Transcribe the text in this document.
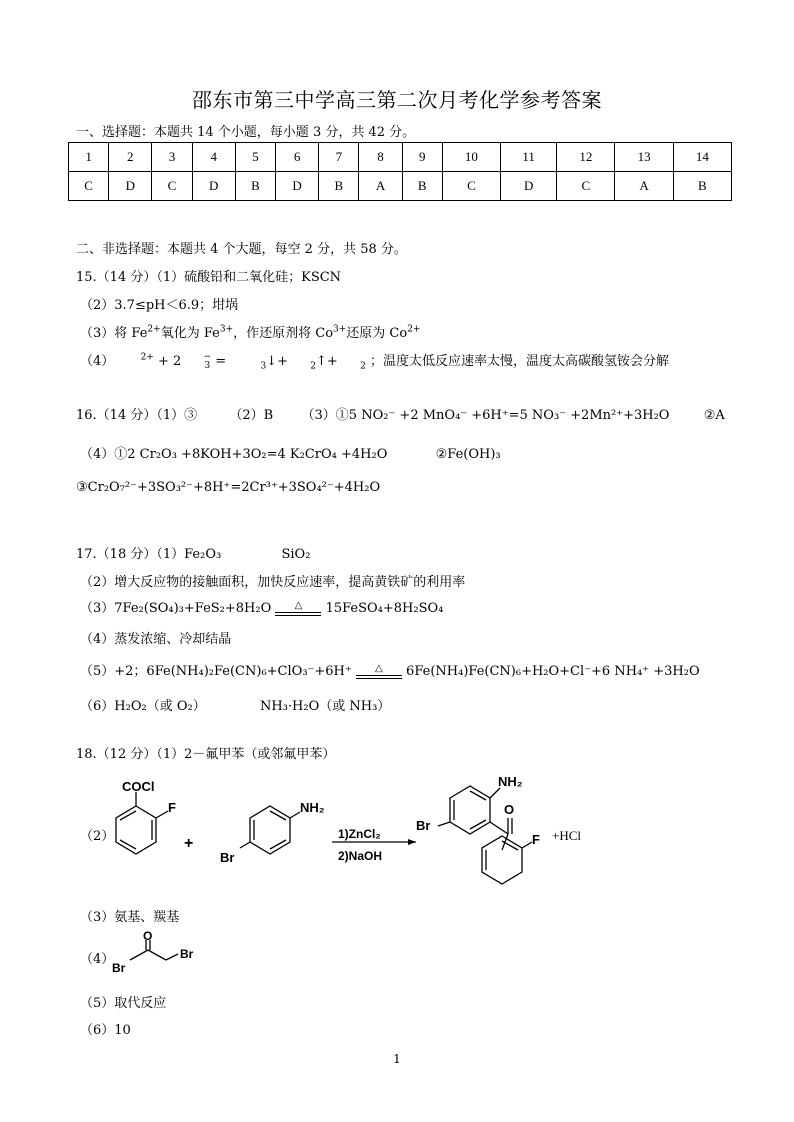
邵东市第三中学高三第二次月考化学参考答案
一、选择题：本题共 14 个小题，每小题 3 分，共 42 分。
1	2	3	4	5	6	7	8	9	10	11	12	13	14
C	D	C	D	B	D	B	A	B	C	D	C	A	B
二、非选择题：本题共 4 个大题，每空 2 分，共 58 分。
15.（14 分）（1）硫酸铅和二氧化硅；KSCN
（2）3.7≤pH＜6.9；坩埚
（3）将 $Fe^{2+}$氧化为 $Fe^{3+}$，作还原剂将 $Co^{3+}$还原为 $Co^{2+}$
（4）	$^{2+}$ + 2 −
3 =	$_3$↓+ $_2$↑+ $_2$ ；温度太低反应速率太慢，温度太高碳酸氢铵会分解
16.（14 分）（1）③ （2）B （3）①5 NO₂⁻ +2 MnO₄⁻ +6H⁺=5 NO₃⁻ +2Mn²⁺+3H₂O	②A
（4）①2 Cr₂O₃ +8KOH+3O₂=4 K₂CrO₄ +4H₂O	②Fe(OH)₃
③Cr₂O₇²⁻+3SO₃²⁻+8H⁺=2Cr³⁺+3SO₄²⁻+4H₂O
17.（18 分）（1）Fe₂O₃	SiO₂
（2）增大反应物的接触面积，加快反应速率，提高黄铁矿的利用率
（3）7Fe₂(SO₄)₃+FeS₂+8H₂O	△	15FeSO₄+8H₂SO₄
（4）蒸发浓缩、冷却结晶
（5）+2；6Fe(NH₄)₂Fe(CN)₆+ClO₃⁻+6H⁺	△	6Fe(NH₄)Fe(CN)₆+H₂O+Cl⁻+6 NH₄⁺ +3H₂O
（6）H₂O₂（或 O₂）	NH₃·H₂O（或 NH₃）
18.（12 分）（1）2－氟甲苯（或邻氟甲苯）
（2）
COCl
F
+
NH₂
Br
1)ZnCl₂
2)NaOH
NH₂
Br
O
F +HCl
（3）氨基、羰基
（4）
O
Br
Br
（5）取代反应
（6）10
1
